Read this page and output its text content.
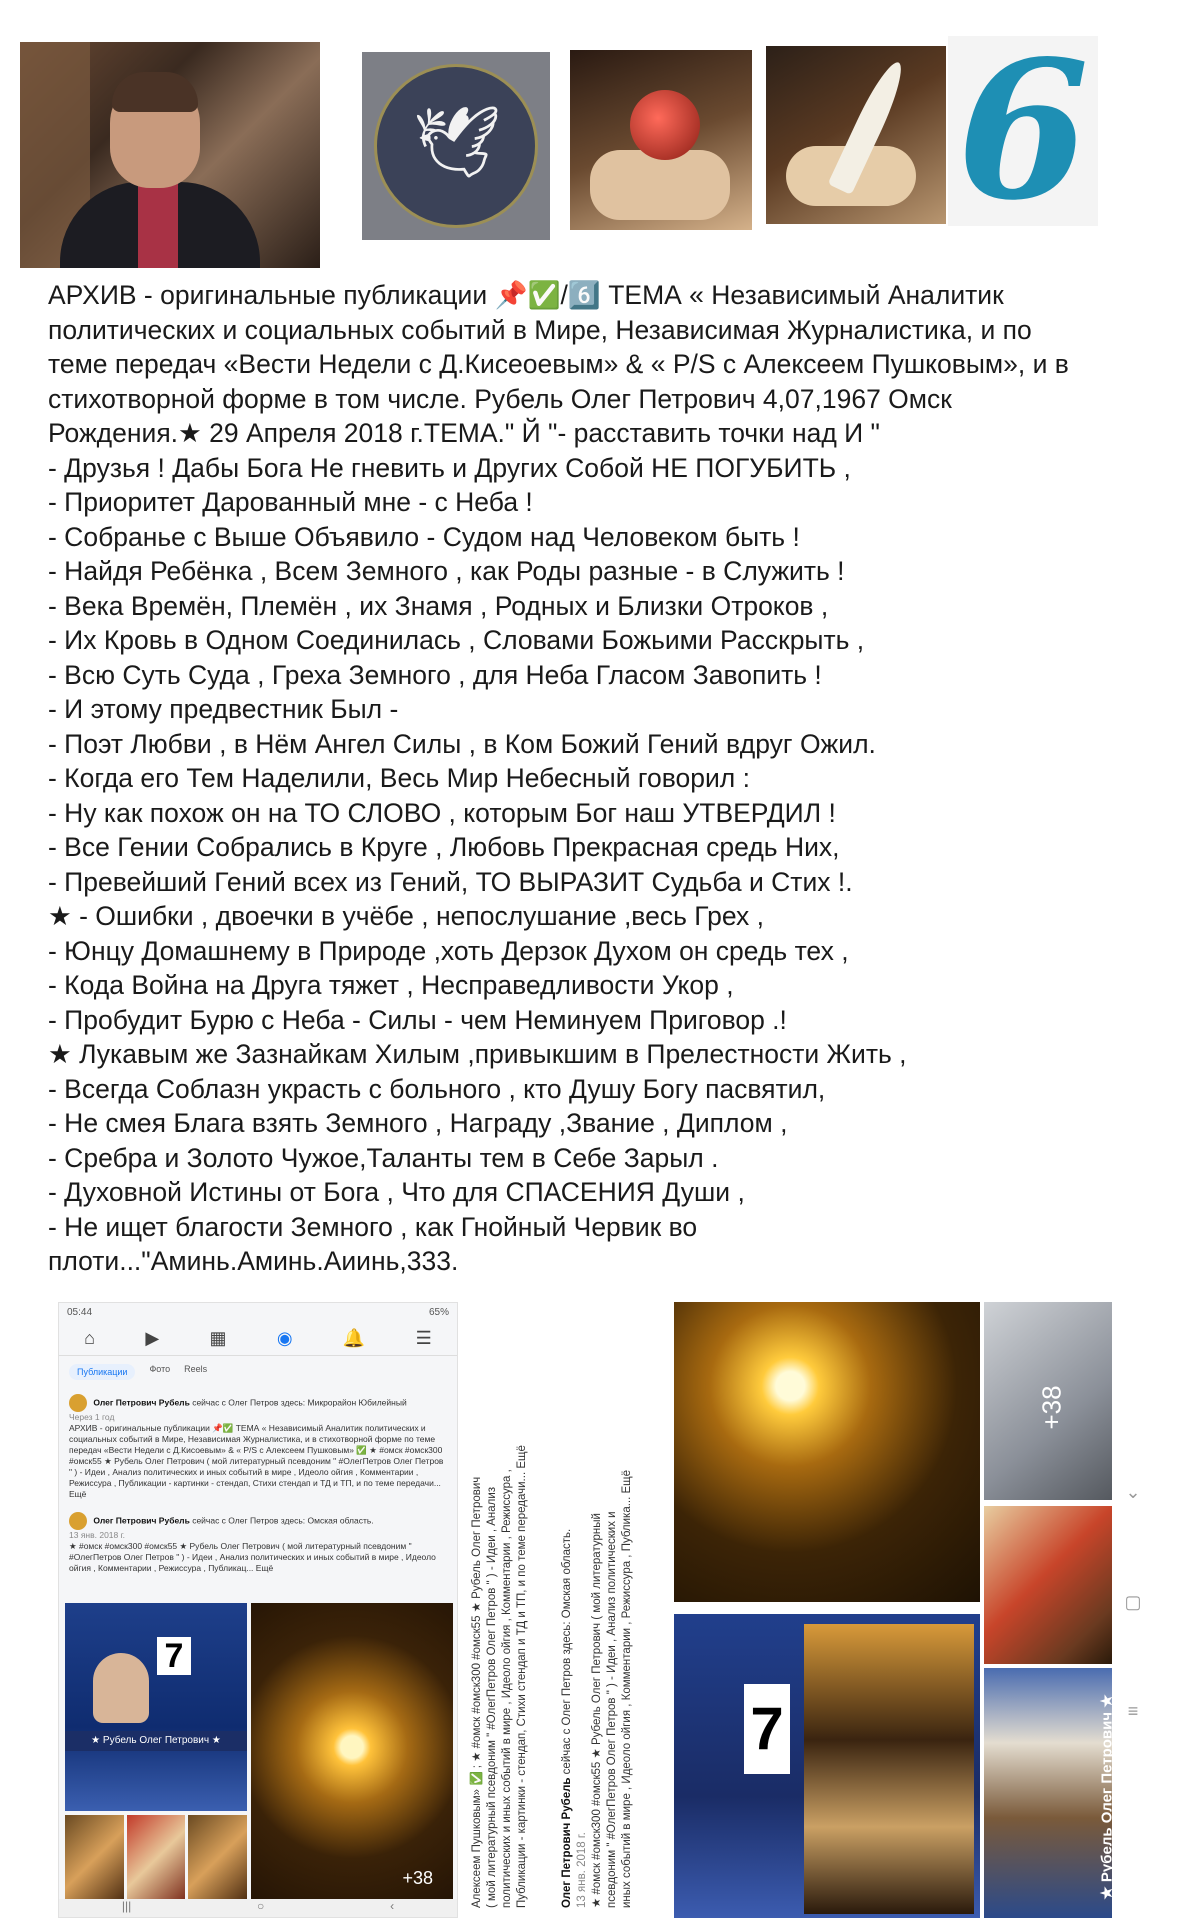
🕊 6

АРХИВ - оригинальные публикации 📌✅/6️⃣ ТЕМА « Независимый Аналитик

политических и социальных событий в Мире, Независимая Журналистика, и по

теме передач «Вести Недели с Д.Кисеоевым» & « P/S с Алексеем Пушковым», и в

стихотворной форме в том числе. Рубель Олег Петрович 4,07,1967 Омск

Рождения.★ 29 Апреля 2018 г.ТЕМА." Й "- расставить точки над И "

- Друзья ! Дабы Бога Не гневить и Других Собой НЕ ПОГУБИТЬ ,

- Приоритет Дарованный мне - с Неба !

- Собранье с Выше Объявило - Судом над Человеком быть !

- Найдя Ребёнка , Всем Земного , как Роды разные - в Служить !

- Века Времён, Племён , их Знамя , Родных и Близки Отроков ,

- Их Кровь в Одном Соединилась , Словами Божьими Расскрыть ,

- Всю Суть Суда , Греха Земного , для Неба Гласом Завопить !

- И этому предвестник Был -

- Поэт Любви , в Нём Ангел Силы , в Ком Божий Гений вдруг Ожил.

- Когда его Тем Наделили, Весь Мир Небесный говорил :

- Ну как похож он на ТО СЛОВО , которым Бог наш УТВЕРДИЛ !

- Все Гении Собрались в Круге , Любовь Прекрасная средь Них,

- Превейший Гений всех из Гений, ТО ВЫРАЗИТ Судьба и Стих !.

★ - Ошибки , двоечки в учёбе , непослушание ,весь Грех ,

- Юнцу Домашнему в Природе ,хоть Дерзок Духом он средь тех ,

- Кода Война на Друга тяжет , Несправедливости Укор ,

- Пробудит Бурю с Неба - Силы - чем Неминуем Приговор .!

★ Лукавым же Зазнайкам Хилым ,привыкшим в Прелестности Жить ,

- Всегда Соблазн украсть с больного , кто Душу Богу пасвятил,

- Не смея Блага взять Земного , Награду ,Звание , Диплом ,

- Сребра и Золото Чужое,Таланты тем в Себе Зарыл .

- Духовной Истины от Бога , Что для СПАСЕНИЯ Души ,

- Не ищет благости Земного , как Гнойный Червик во

плоти..."Аминь.Аминь.Аиинь,333.

05:44	65%
⌂	▶	▦	◉	🔔	☰
Публикации	Фото Reels
Олег Петрович Рубель сейчас с Олег Петров здесь: Микрорайон Юбилейный
Через 1 год
АРХИВ - оригинальные публикации 📌✅ ТЕМА « Независимый Аналитик политических и социальных событий в Мире, Независимая Журналистика, и в стихотворной форме по теме передач «Вести Недели с Д.Кисоевым» & « P/S с Алексеем Пушковым» ✅ ★ #омск #омск300 #омск55 ★ Рубель Олег Петрович ( мой литературный псевдоним " #ОлегПетров Олег Петров " ) - Идеи , Анализ политических и иных событий в мире , Идеоло ойгия , Комментарии , Режиссура , Публикации - картинки - стендап, Стихи стендап и ТД и ТП, и по теме передачи... Ещё
Олег Петрович Рубель сейчас с Олег Петров здесь: Омская область.
13 янв. 2018 г.
★ #омск #омск300 #омск55 ★ Рубель Олег Петрович ( мой литературный псевдоним " #ОлегПетров Олег Петров " ) - Идеи , Анализ политических и иных событий в мире , Идеоло ойгия , Комментарии , Режиссура , Публикац... Ещё
7
★ Рубель Олег Петрович ★
+38
|||	○	‹	Алексеем Пушковым» ✅ ; ★ #омск #омск300 #омск55 ★ Рубель Олег Петрович ( мой литературный псевдоним " #ОлегПетров Олег Петров " ) - Идеи , Анализ политических и иных событий в мире , Идеоло ойгия , Комментарии , Режиссура , Публикации - картинки - стендап, Стихи стендап и ТД и ТП, и по теме передачи... Ещё	Олег Петрович Рубель сейчас с Олег Петров здесь: Омская область.
13 янв. 2018 г. ★ #омск #омск300 #омск55 ★ Рубель Олег Петрович ( мой литературный псевдоним " #ОлегПетров Олег Петров " ) - Идеи , Анализ политических и иных событий в мире , Идеоло ойгия , Комментарии , Режиссура , Публика... Ещё
+38
7	★ Рубель Олег Петрович ★
⌄
▢
≡
